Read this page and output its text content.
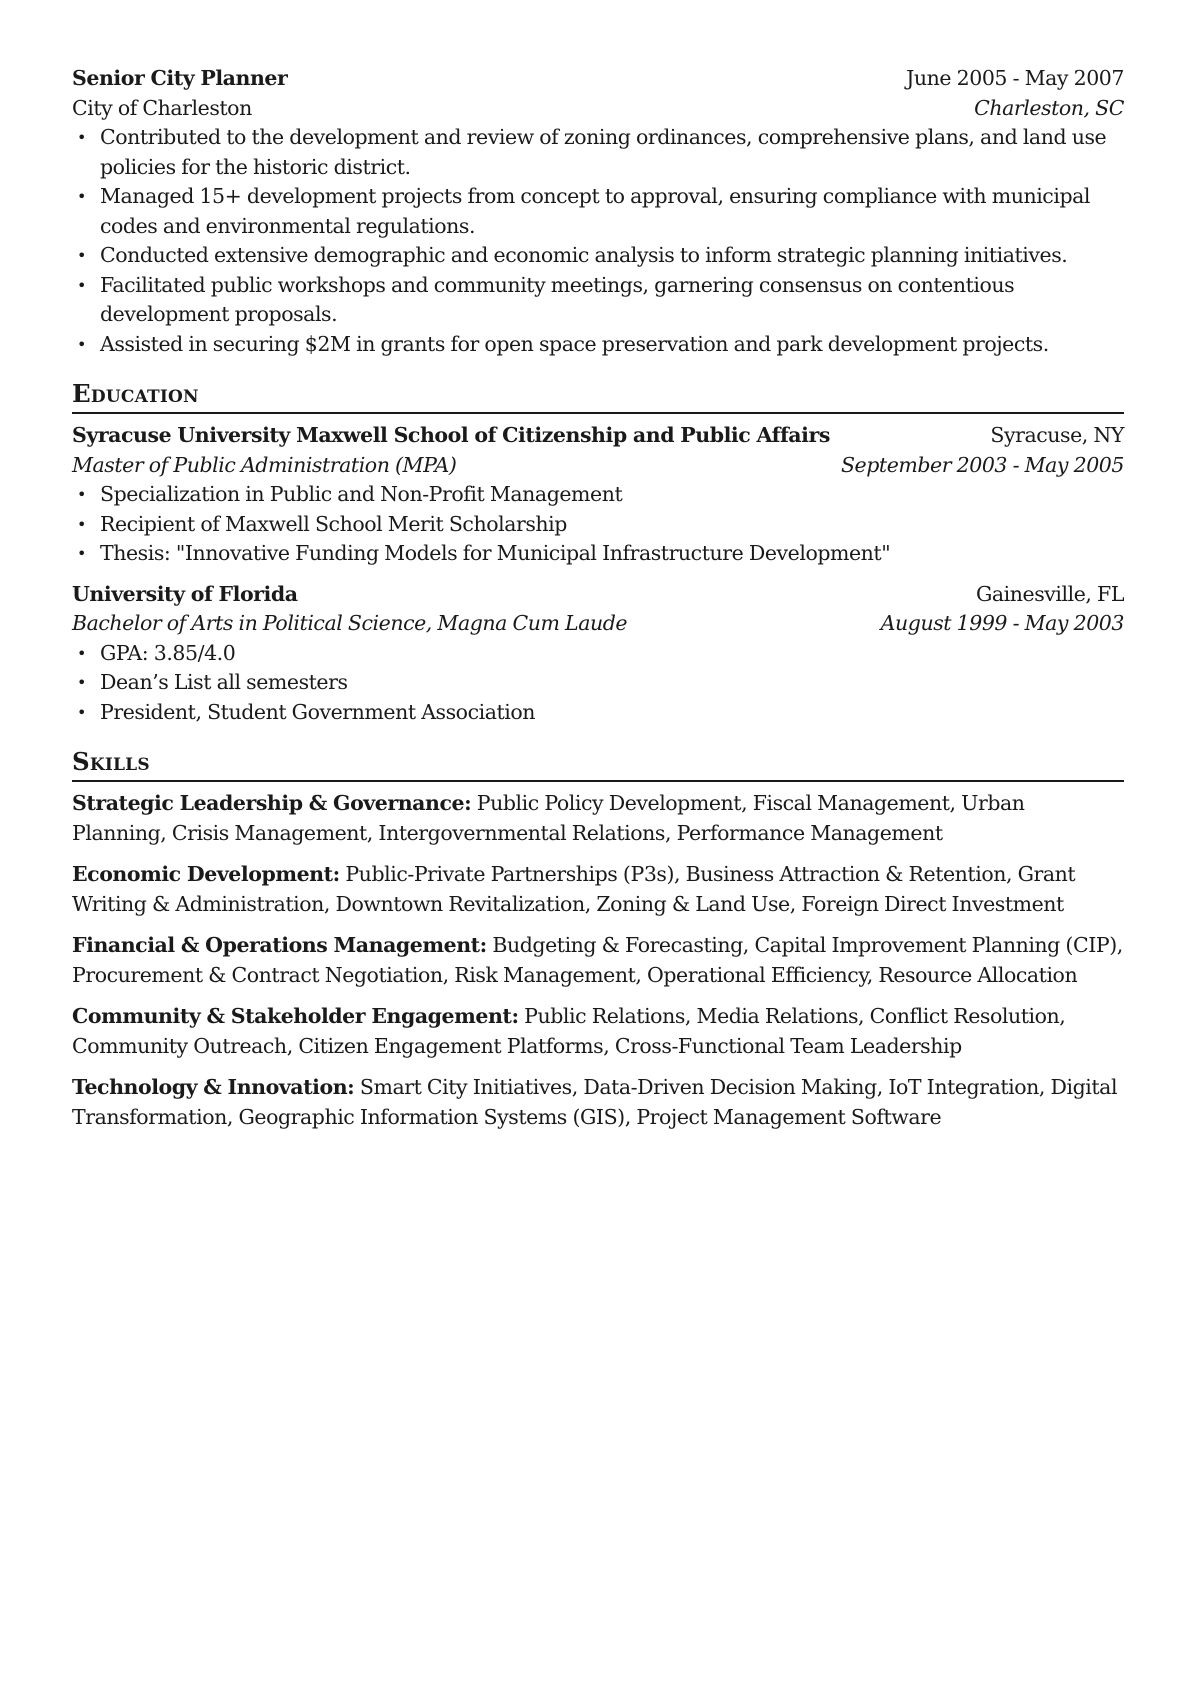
Senior City Planner	June 2005 - May 2007
City of Charleston	Charleston, SC
• Contributed to the development and review of zoning ordinances, comprehensive plans, and land use policies for the historic district.
• Managed 15+ development projects from concept to approval, ensuring compliance with municipal codes and environmental regulations.
• Conducted extensive demographic and economic analysis to inform strategic planning initiatives.
• Facilitated public workshops and community meetings, garnering consensus on contentious development proposals.
• Assisted in securing $2M in grants for open space preservation and park development projects.
Education
Syracuse University Maxwell School of Citizenship and Public Affairs	Syracuse, NY
Master of Public Administration (MPA)	September 2003 - May 2005
• Specialization in Public and Non-Profit Management
• Recipient of Maxwell School Merit Scholarship
• Thesis: "Innovative Funding Models for Municipal Infrastructure Development"
University of Florida	Gainesville, FL
Bachelor of Arts in Political Science, Magna Cum Laude	August 1999 - May 2003
• GPA: 3.85/4.0
• Dean’s List all semesters
• President, Student Government Association
Skills
Strategic Leadership & Governance: Public Policy Development, Fiscal Management, Urban Planning, Crisis Management, Intergovernmental Relations, Performance Management
Economic Development: Public-Private Partnerships (P3s), Business Attraction & Retention, Grant Writing & Administration, Downtown Revitalization, Zoning & Land Use, Foreign Direct Investment
Financial & Operations Management: Budgeting & Forecasting, Capital Improvement Planning (CIP), Procurement & Contract Negotiation, Risk Management, Operational Efficiency, Resource Allocation
Community & Stakeholder Engagement: Public Relations, Media Relations, Conflict Resolution, Community Outreach, Citizen Engagement Platforms, Cross-Functional Team Leadership
Technology & Innovation: Smart City Initiatives, Data-Driven Decision Making, IoT Integration, Digital Transformation, Geographic Information Systems (GIS), Project Management Software
